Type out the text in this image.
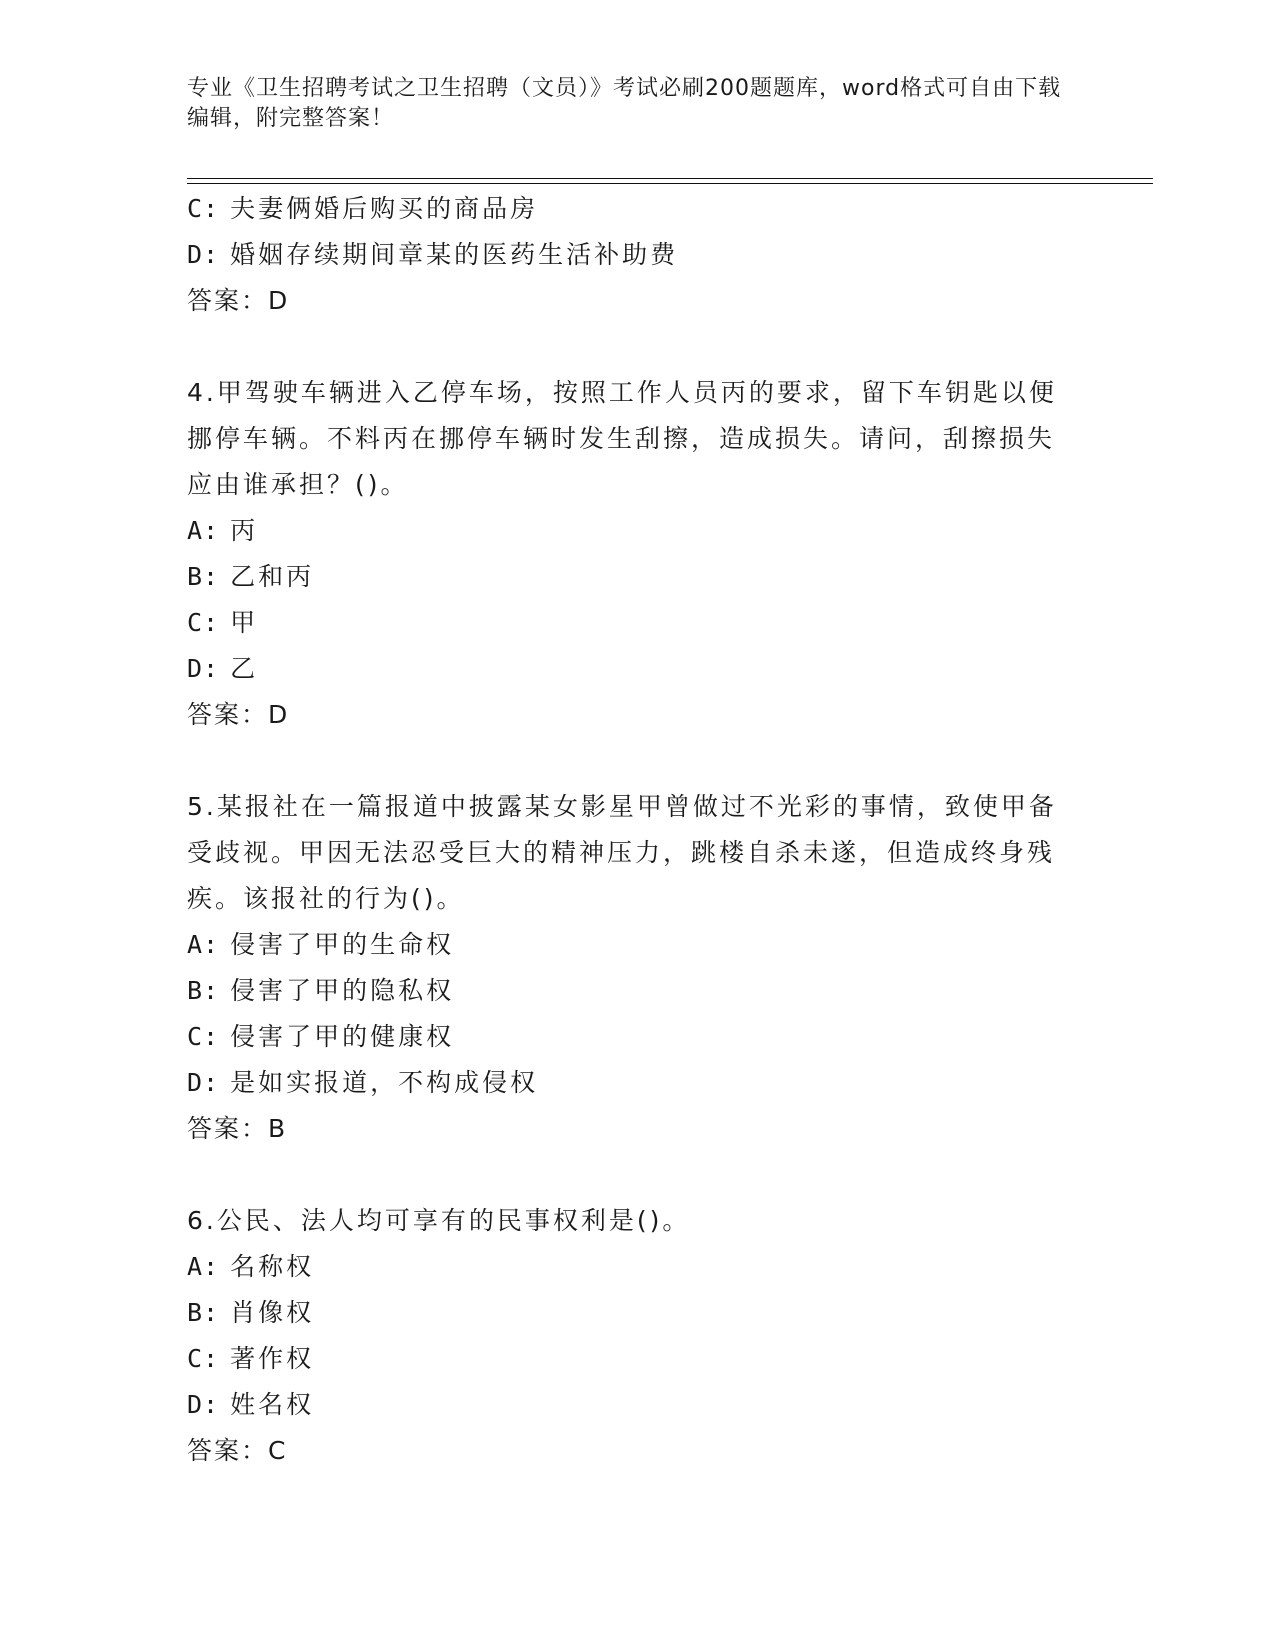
专业《卫生招聘考试之卫生招聘（文员）》考试必刷200题题库，word格式可自由下载编辑，附完整答案！
C: 夫妻俩婚后购买的商品房
D: 婚姻存续期间章某的医药生活补助费
答案：D
4.甲驾驶车辆进入乙停车场，按照工作人员丙的要求，留下车钥匙以便挪停车辆。不料丙在挪停车辆时发生刮擦，造成损失。请问，刮擦损失应由谁承担？()。
A: 丙
B: 乙和丙
C: 甲
D: 乙
答案：D
5.某报社在一篇报道中披露某女影星甲曾做过不光彩的事情，致使甲备受歧视。甲因无法忍受巨大的精神压力，跳楼自杀未遂，但造成终身残疾。该报社的行为()。
A: 侵害了甲的生命权
B: 侵害了甲的隐私权
C: 侵害了甲的健康权
D: 是如实报道，不构成侵权
答案：B
6.公民、法人均可享有的民事权利是()。
A: 名称权
B: 肖像权
C: 著作权
D: 姓名权
答案：C
